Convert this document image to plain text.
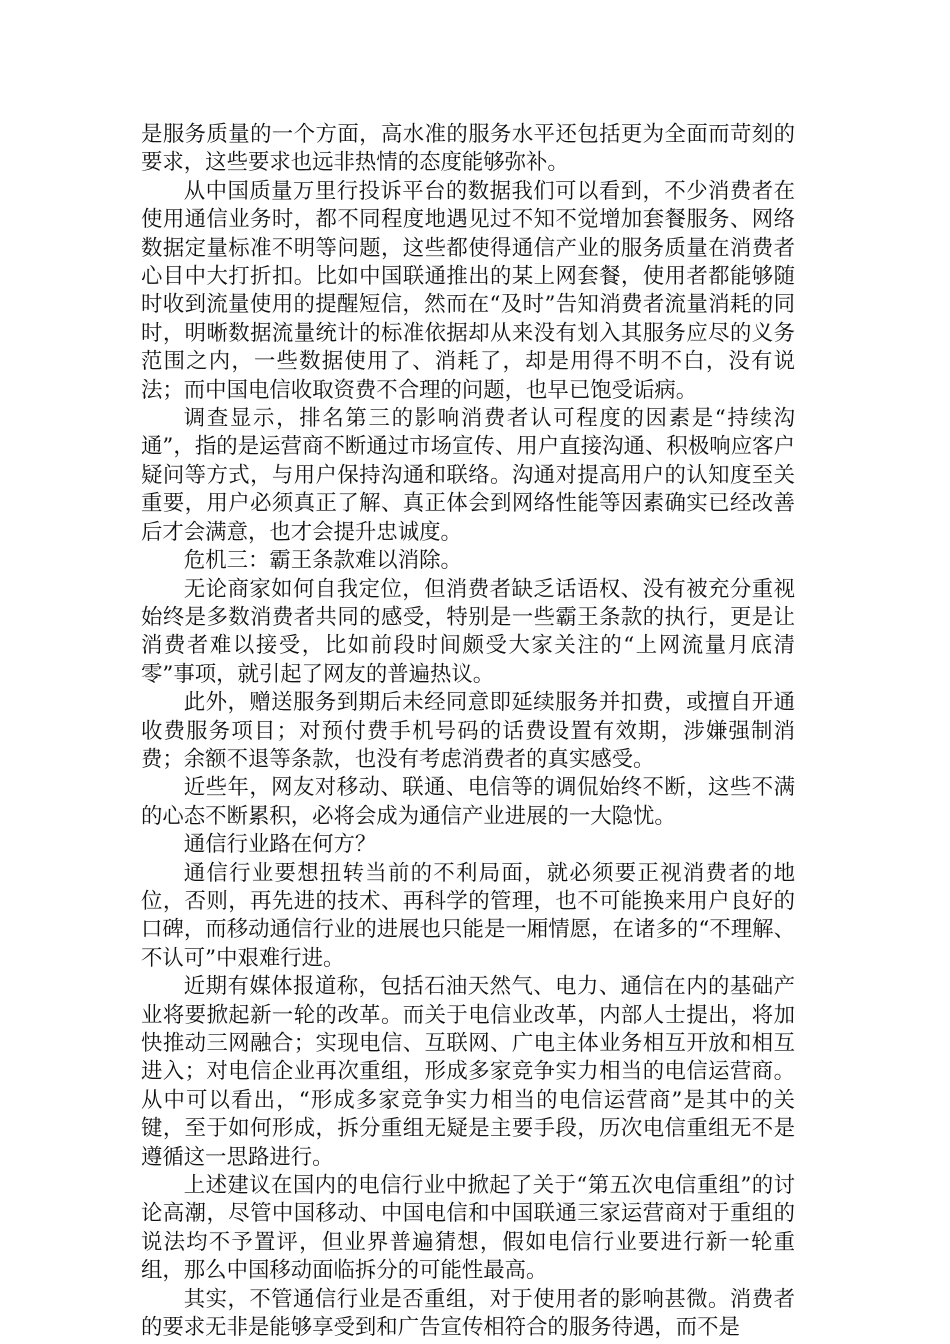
是服务质量的一个方面，高水准的服务水平还包括更为全面而苛刻的要求，这些要求也远非热情的态度能够弥补。

从中国质量万里行投诉平台的数据我们可以看到，不少消费者在使用通信业务时，都不同程度地遇见过不知不觉增加套餐服务、网络数据定量标准不明等问题，这些都使得通信产业的服务质量在消费者心目中大打折扣。比如中国联通推出的某上网套餐，使用者都能够随时收到流量使用的提醒短信，然而在“及时”告知消费者流量消耗的同时，明晰数据流量统计的标准依据却从来没有划入其服务应尽的义务范围之内，一些数据使用了、消耗了，却是用得不明不白，没有说法；而中国电信收取资费不合理的问题，也早已饱受诟病。

调查显示，排名第三的影响消费者认可程度的因素是“持续沟通”，指的是运营商不断通过市场宣传、用户直接沟通、积极响应客户疑问等方式，与用户保持沟通和联络。沟通对提高用户的认知度至关重要，用户必须真正了解、真正体会到网络性能等因素确实已经改善后才会满意，也才会提升忠诚度。

危机三：霸王条款难以消除。

无论商家如何自我定位，但消费者缺乏话语权、没有被充分重视始终是多数消费者共同的感受，特别是一些霸王条款的执行，更是让消费者难以接受，比如前段时间颇受大家关注的“上网流量月底清零”事项，就引起了网友的普遍热议。

此外，赠送服务到期后未经同意即延续服务并扣费，或擅自开通收费服务项目；对预付费手机号码的话费设置有效期，涉嫌强制消费；余额不退等条款，也没有考虑消费者的真实感受。

近些年，网友对移动、联通、电信等的调侃始终不断，这些不满的心态不断累积，必将会成为通信产业进展的一大隐忧。

通信行业路在何方？

通信行业要想扭转当前的不利局面，就必须要正视消费者的地位，否则，再先进的技术、再科学的管理，也不可能换来用户良好的口碑，而移动通信行业的进展也只能是一厢情愿，在诸多的“不理解、不认可”中艰难行进。

近期有媒体报道称，包括石油天然气、电力、通信在内的基础产业将要掀起新一轮的改革。而关于电信业改革，内部人士提出，将加快推动三网融合；实现电信、互联网、广电主体业务相互开放和相互进入；对电信企业再次重组，形成多家竞争实力相当的电信运营商。从中可以看出，“形成多家竞争实力相当的电信运营商”是其中的关键，至于如何形成，拆分重组无疑是主要手段，历次电信重组无不是遵循这一思路进行。

上述建议在国内的电信行业中掀起了关于“第五次电信重组”的讨论高潮，尽管中国移动、中国电信和中国联通三家运营商对于重组的说法均不予置评，但业界普遍猜想，假如电信行业要进行新一轮重组，那么中国移动面临拆分的可能性最高。

其实，不管通信行业是否重组，对于使用者的影响甚微。消费者的要求无非是能够享受到和广告宣传相符合的服务待遇，而不是
